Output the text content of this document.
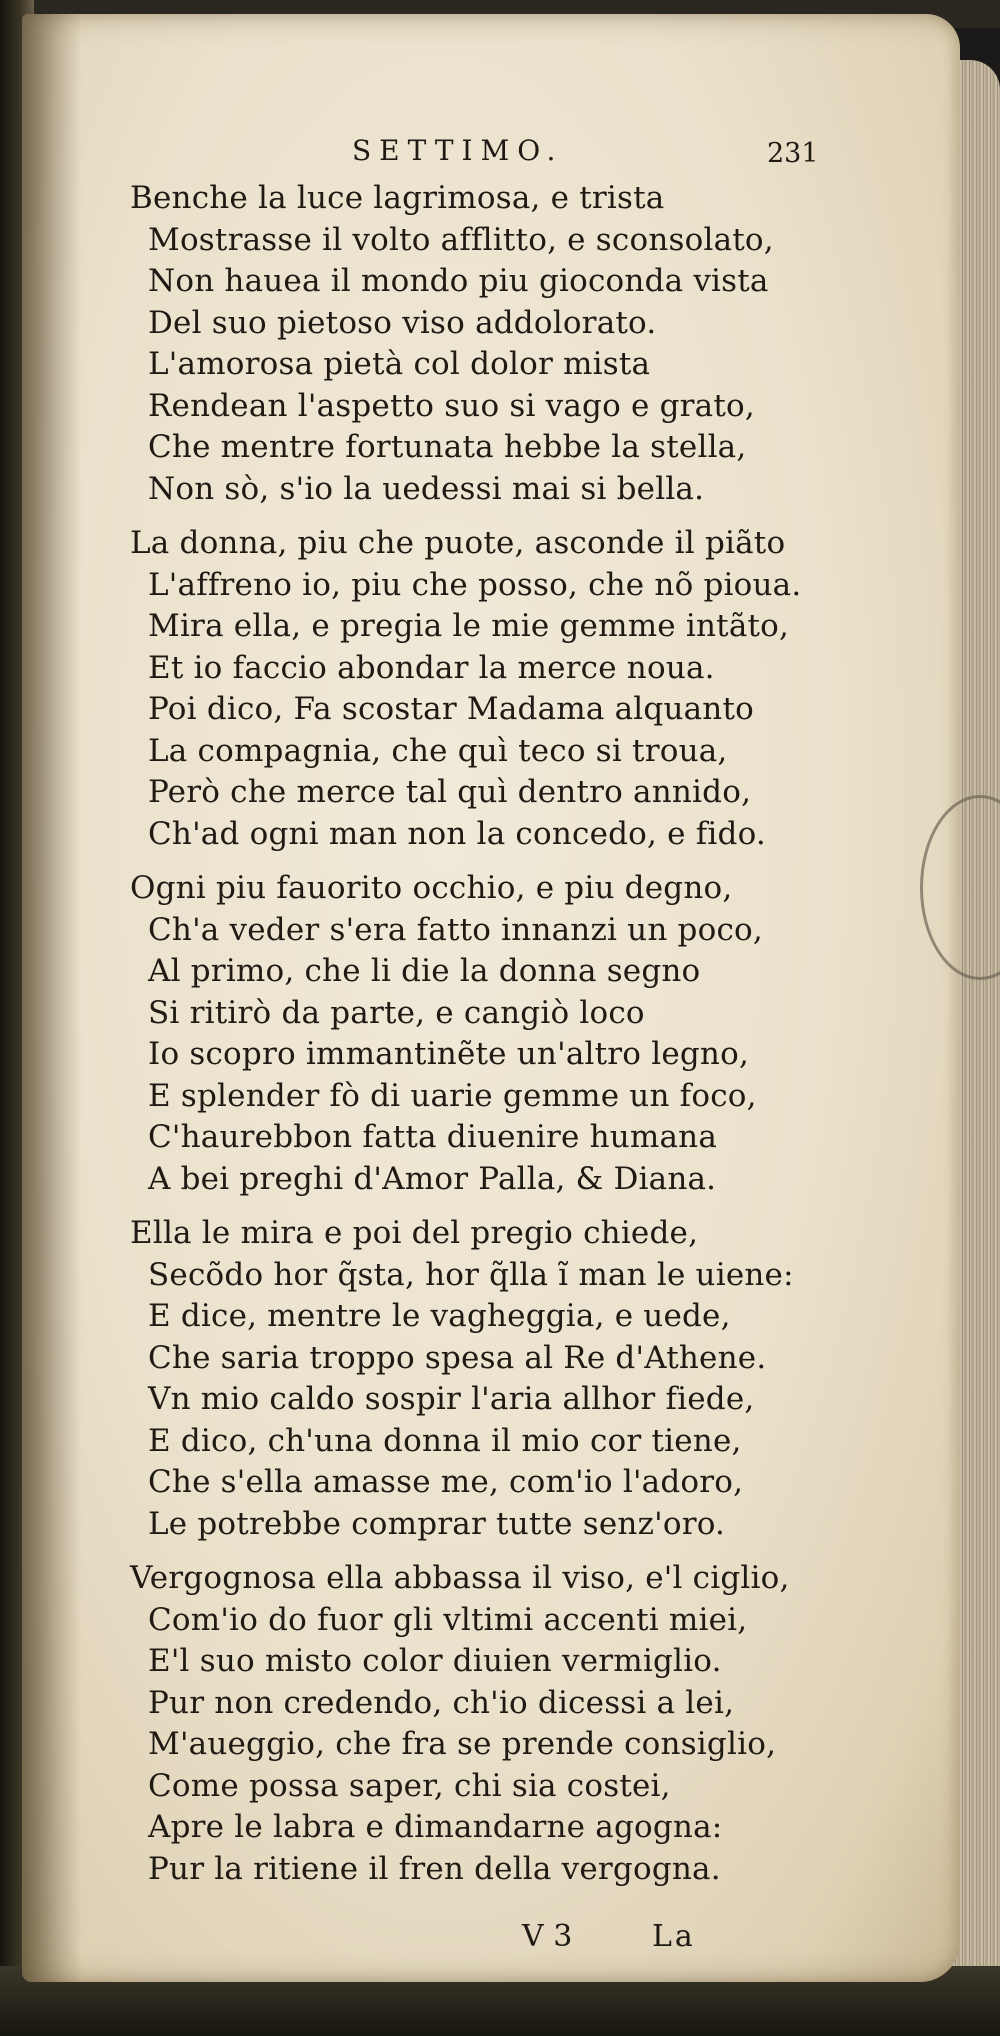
SETTIMO.	231
Benche la luce lagrimosa, e trista
Mostrasse il volto afflitto, e sconsolato,
Non hauea il mondo piu gioconda vista
Del suo pietoso viso addolorato.
L'amorosa pietà col dolor mista
Rendean l'aspetto suo si vago e grato,
Che mentre fortunata hebbe la stella,
Non sò, s'io la uedessi mai si bella.
La donna, piu che puote, asconde il piãto
L'affreno io, piu che posso, che nõ pioua.
Mira ella, e pregia le mie gemme intãto,
Et io faccio abondar la merce noua.
Poi dico, Fa scostar Madama alquanto
La compagnia, che quì teco si troua,
Però che merce tal quì dentro annido,
Ch'ad ogni man non la concedo, e fido.
Ogni piu fauorito occhio, e piu degno,
Ch'a veder s'era fatto innanzi un poco,
Al primo, che li die la donna segno
Si ritirò da parte, e cangiò loco
Io scopro immantinẽte un'altro legno,
E splender fò di uarie gemme un foco,
C'haurebbon fatta diuenire humana
A bei preghi d'Amor Palla, & Diana.
Ella le mira e poi del pregio chiede,
Secõdo hor q̃sta, hor q̃lla ĩ man le uiene:
E dice, mentre le vagheggia, e uede,
Che saria troppo spesa al Re d'Athene.
Vn mio caldo sospir l'aria allhor fiede,
E dico, ch'una donna il mio cor tiene,
Che s'ella amasse me, com'io l'adoro,
Le potrebbe comprar tutte senz'oro.
Vergognosa ella abbassa il viso, e'l ciglio,
Com'io do fuor gli vltimi accenti miei,
E'l suo misto color diuien vermiglio.
Pur non credendo, ch'io dicessi a lei,
M'aueggio, che fra se prende consiglio,
Come possa saper, chi sia costei,
Apre le labra e dimandarne agogna:
Pur la ritiene il fren della vergogna.
V 3	La
